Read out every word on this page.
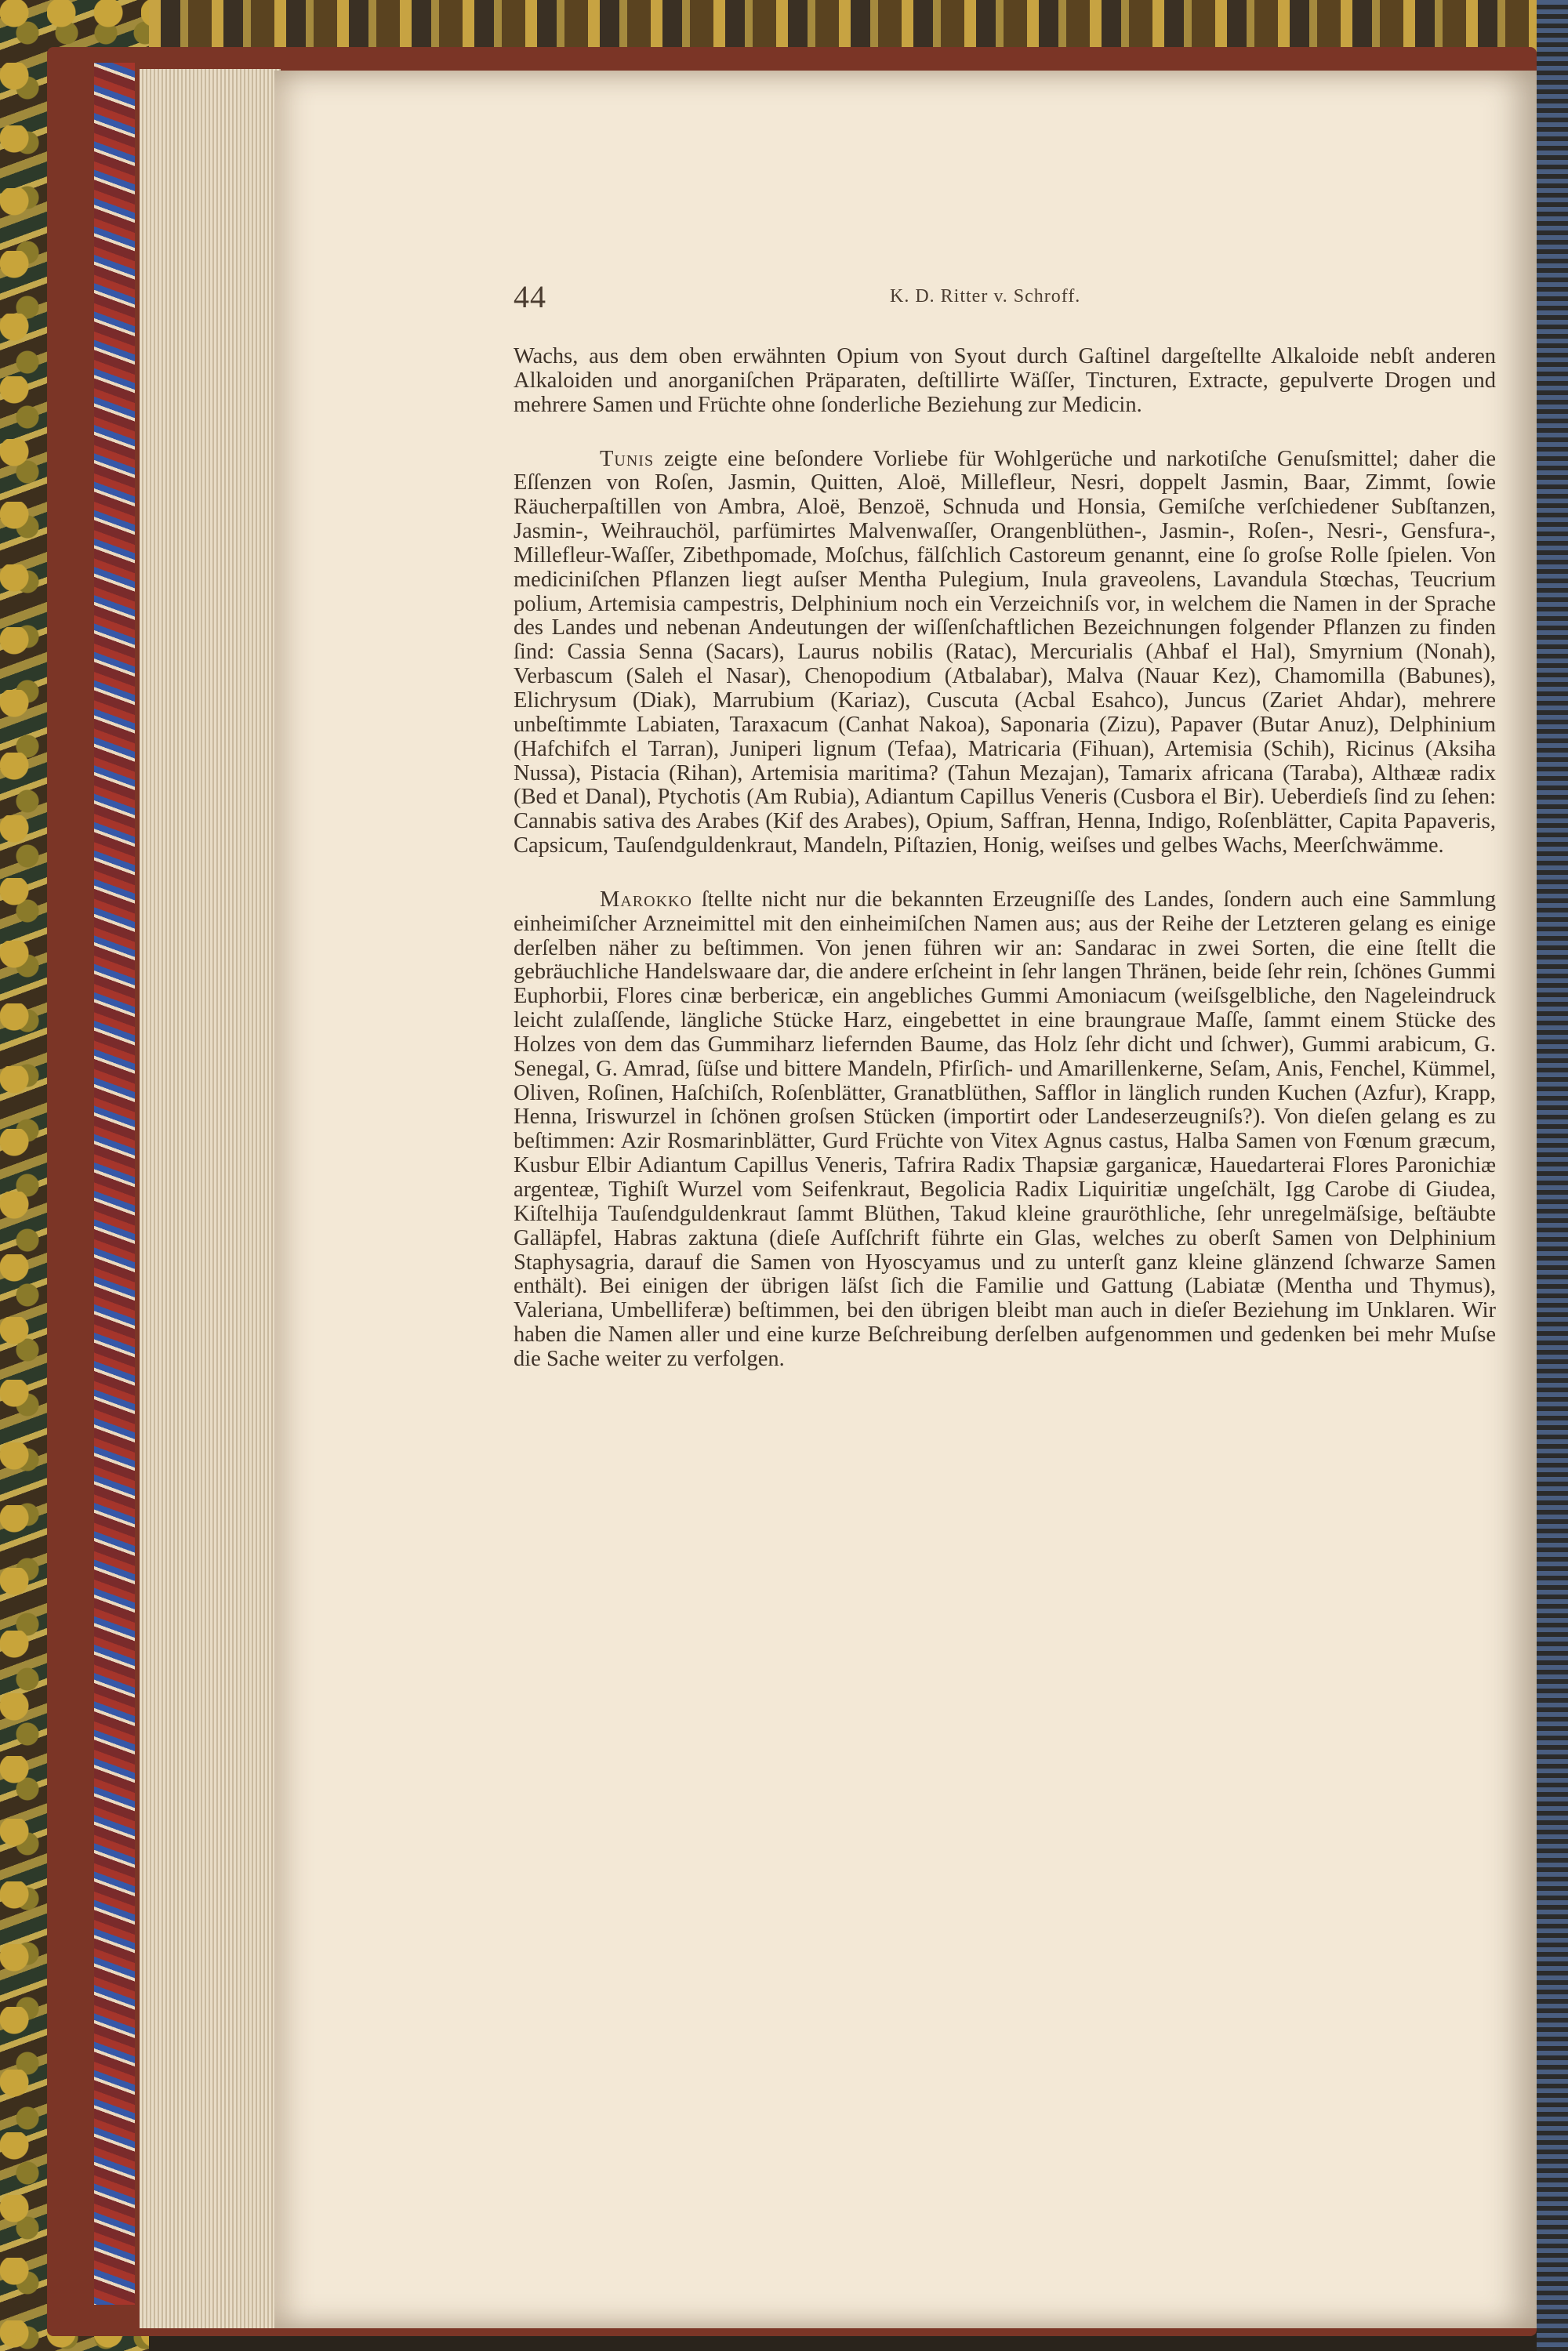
44	K. D. Ritter v. Schroff.

Wachs, aus dem oben erwähnten Opium von Syout durch Gaſtinel dargeſtellte Alkaloide nebſt anderen Alkaloiden und anorganiſchen Präparaten, deſtillirte Wäſſer, Tincturen, Extracte, gepulverte Drogen und mehrere Samen und Früchte ohne ſonderliche Beziehung zur Medicin.

Tunis zeigte eine beſondere Vorliebe für Wohlgerüche und narkotiſche Genuſsmittel; daher die Eſſenzen von Roſen, Jasmin, Quitten, Aloë, Millefleur, Nesri, doppelt Jasmin, Baar, Zimmt, ſowie Räucherpaſtillen von Ambra, Aloë, Benzoë, Schnuda und Honsia, Gemiſche verſchiedener Subſtanzen, Jasmin-, Weihrauchöl, parfümirtes Malvenwaſſer, Orangenblüthen-, Jasmin-, Roſen-, Nesri-, Gensfura-, Millefleur-Waſſer, Zibethpomade, Moſchus, fälſchlich Castoreum genannt, eine ſo groſse Rolle ſpielen. Von mediciniſchen Pflanzen liegt auſser Mentha Pulegium, Inula graveolens, Lavandula Stœchas, Teucrium polium, Artemisia campestris, Delphinium noch ein Verzeichniſs vor, in welchem die Namen in der Sprache des Landes und nebenan Andeutungen der wiſſenſchaftlichen Bezeichnungen folgender Pflanzen zu finden ſind: Cassia Senna (Sacars), Laurus nobilis (Ratac), Mercurialis (Ahbaf el Hal), Smyrnium (Nonah), Verbascum (Saleh el Nasar), Chenopodium (Atbalabar), Malva (Nauar Kez), Chamomilla (Babunes), Elichrysum (Diak), Marrubium (Kariaz), Cuscuta (Acbal Esahco), Juncus (Zariet Ahdar), mehrere unbeſtimmte Labiaten, Taraxacum (Canhat Nakoa), Saponaria (Zizu), Papaver (Butar Anuz), Delphinium (Hafchifch el Tarran), Juniperi lignum (Tefaa), Matricaria (Fihuan), Artemisia (Schih), Ricinus (Aksiha Nussa), Pistacia (Rihan), Artemisia maritima? (Tahun Mezajan), Tamarix africana (Taraba), Althææ radix (Bed et Danal), Ptychotis (Am Rubia), Adiantum Capillus Veneris (Cusbora el Bir). Ueberdieſs ſind zu ſehen: Cannabis sativa des Arabes (Kif des Arabes), Opium, Saffran, Henna, Indigo, Roſenblätter, Capita Papaveris, Capsicum, Tauſendguldenkraut, Mandeln, Piſtazien, Honig, weiſses und gelbes Wachs, Meerſchwämme.

Marokko ſtellte nicht nur die bekannten Erzeugniſſe des Landes, ſondern auch eine Sammlung einheimiſcher Arzneimittel mit den einheimiſchen Namen aus; aus der Reihe der Letzteren gelang es einige derſelben näher zu beſtimmen. Von jenen führen wir an: Sandarac in zwei Sorten, die eine ſtellt die gebräuchliche Handelswaare dar, die andere erſcheint in ſehr langen Thränen, beide ſehr rein, ſchönes Gummi Euphorbii, Flores cinæ berbericæ, ein angebliches Gummi Amoniacum (weiſsgelbliche, den Nageleindruck leicht zulaſſende, längliche Stücke Harz, eingebettet in eine braungraue Maſſe, ſammt einem Stücke des Holzes von dem das Gummiharz liefernden Baume, das Holz ſehr dicht und ſchwer), Gummi arabicum, G. Senegal, G. Amrad, ſüſse und bittere Mandeln, Pfirſich- und Amarillenkerne, Seſam, Anis, Fenchel, Kümmel, Oliven, Roſinen, Haſchiſch, Roſenblätter, Granatblüthen, Safflor in länglich runden Kuchen (Azfur), Krapp, Henna, Iriswurzel in ſchönen groſsen Stücken (importirt oder Landeserzeugniſs?). Von dieſen gelang es zu beſtimmen: Azir Rosmarinblätter, Gurd Früchte von Vitex Agnus castus, Halba Samen von Fœnum græcum, Kusbur Elbir Adiantum Capillus Veneris, Tafrira Radix Thapsiæ garganicæ, Hauedarterai Flores Paronichiæ argenteæ, Tighiſt Wurzel vom Seifenkraut, Begolicia Radix Liquiritiæ ungeſchält, Igg Carobe di Giudea, Kiſtelhija Tauſendguldenkraut ſammt Blüthen, Takud kleine grauröthliche, ſehr unregelmäſsige, beſtäubte Galläpfel, Habras zaktuna (dieſe Aufſchrift führte ein Glas, welches zu oberſt Samen von Delphinium Staphysagria, darauf die Samen von Hyoscyamus und zu unterſt ganz kleine glänzend ſchwarze Samen enthält). Bei einigen der übrigen läſst ſich die Familie und Gattung (Labiatæ (Mentha und Thymus), Valeriana, Umbelliferæ) beſtimmen, bei den übrigen bleibt man auch in dieſer Beziehung im Unklaren. Wir haben die Namen aller und eine kurze Beſchreibung derſelben aufgenommen und gedenken bei mehr Muſse die Sache weiter zu verfolgen.
